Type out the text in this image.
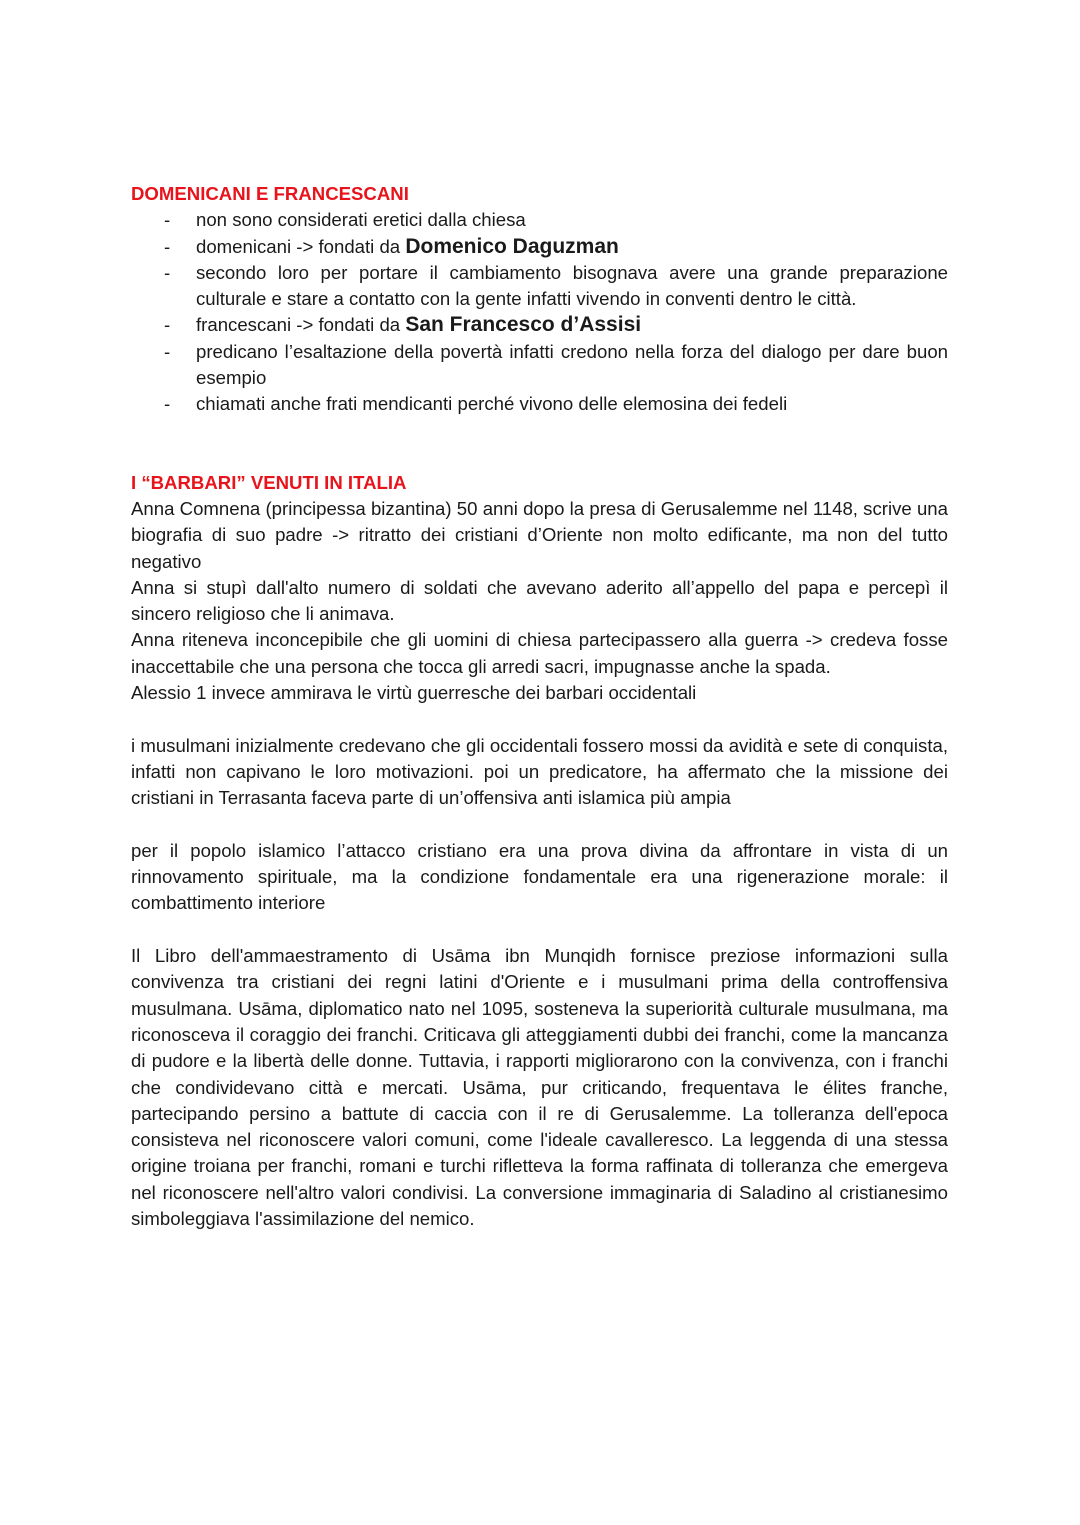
DOMENICANI E FRANCESCANI
- non sono considerati eretici dalla chiesa
- domenicani -> fondati da Domenico Daguzman
- secondo loro per portare il cambiamento bisognava avere una grande preparazione culturale e stare a contatto con la gente infatti vivendo in conventi dentro le città.
- francescani -> fondati da San Francesco d’Assisi
- predicano l’esaltazione della povertà infatti credono nella forza del dialogo per dare buon esempio
- chiamati anche frati mendicanti perché vivono delle elemosina dei fedeli
I “BARBARI” VENUTI IN ITALIA

Anna Comnena (principessa bizantina) 50 anni dopo la presa di Gerusalemme nel 1148, scrive una biografia di suo padre -> ritratto dei cristiani d’Oriente non molto edificante, ma non del tutto negativo

Anna si stupì dall'alto numero di soldati che avevano aderito all’appello del papa e percepì il sincero religioso che li animava.

Anna riteneva inconcepibile che gli uomini di chiesa partecipassero alla guerra -> credeva fosse inaccettabile che una persona che tocca gli arredi sacri, impugnasse anche la spada.

Alessio 1 invece ammirava le virtù guerresche dei barbari occidentali

i musulmani inizialmente credevano che gli occidentali fossero mossi da avidità e sete di conquista, infatti non capivano le loro motivazioni. poi un predicatore, ha affermato che la missione dei cristiani in Terrasanta faceva parte di un’offensiva anti islamica più ampia

per il popolo islamico l’attacco cristiano era una prova divina da affrontare in vista di un rinnovamento spirituale, ma la condizione fondamentale era una rigenerazione morale: il combattimento interiore

Il Libro dell'ammaestramento di Usāma ibn Munqidh fornisce preziose informazioni sulla convivenza tra cristiani dei regni latini d'Oriente e i musulmani prima della controffensiva musulmana. Usāma, diplomatico nato nel 1095, sosteneva la superiorità culturale musulmana, ma riconosceva il coraggio dei franchi. Criticava gli atteggiamenti dubbi dei franchi, come la mancanza di pudore e la libertà delle donne. Tuttavia, i rapporti migliorarono con la convivenza, con i franchi che condividevano città e mercati. Usāma, pur criticando, frequentava le élites franche, partecipando persino a battute di caccia con il re di Gerusalemme. La tolleranza dell'epoca consisteva nel riconoscere valori comuni, come l'ideale cavalleresco. La leggenda di una stessa origine troiana per franchi, romani e turchi rifletteva la forma raffinata di tolleranza che emergeva nel riconoscere nell'altro valori condivisi. La conversione immaginaria di Saladino al cristianesimo simboleggiava l'assimilazione del nemico.
